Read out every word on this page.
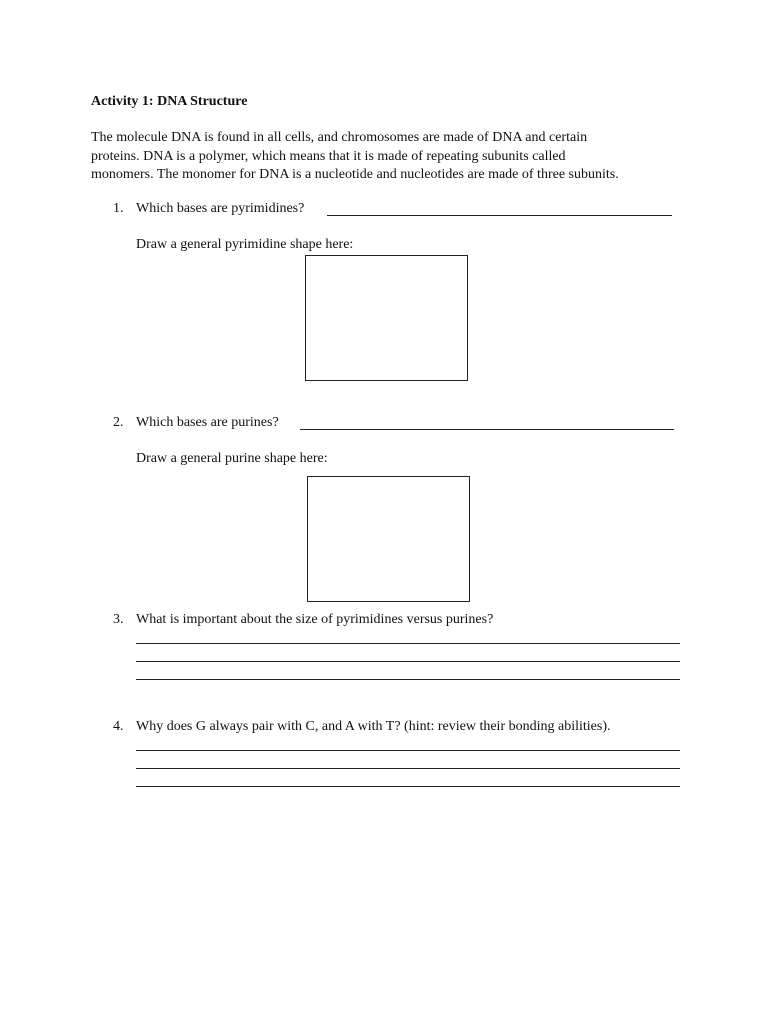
Activity 1: DNA Structure
The molecule DNA is found in all cells, and chromosomes are made of DNA and certain
proteins. DNA is a polymer, which means that it is made of repeating subunits called
monomers. The monomer for DNA is a nucleotide and nucleotides are made of three subunits.
1. Which bases are pyrimidines?
Draw a general pyrimidine shape here:
2. Which bases are purines?
Draw a general purine shape here:
3. What is important about the size of pyrimidines versus purines?
4. Why does G always pair with C, and A with T? (hint: review their bonding abilities).
